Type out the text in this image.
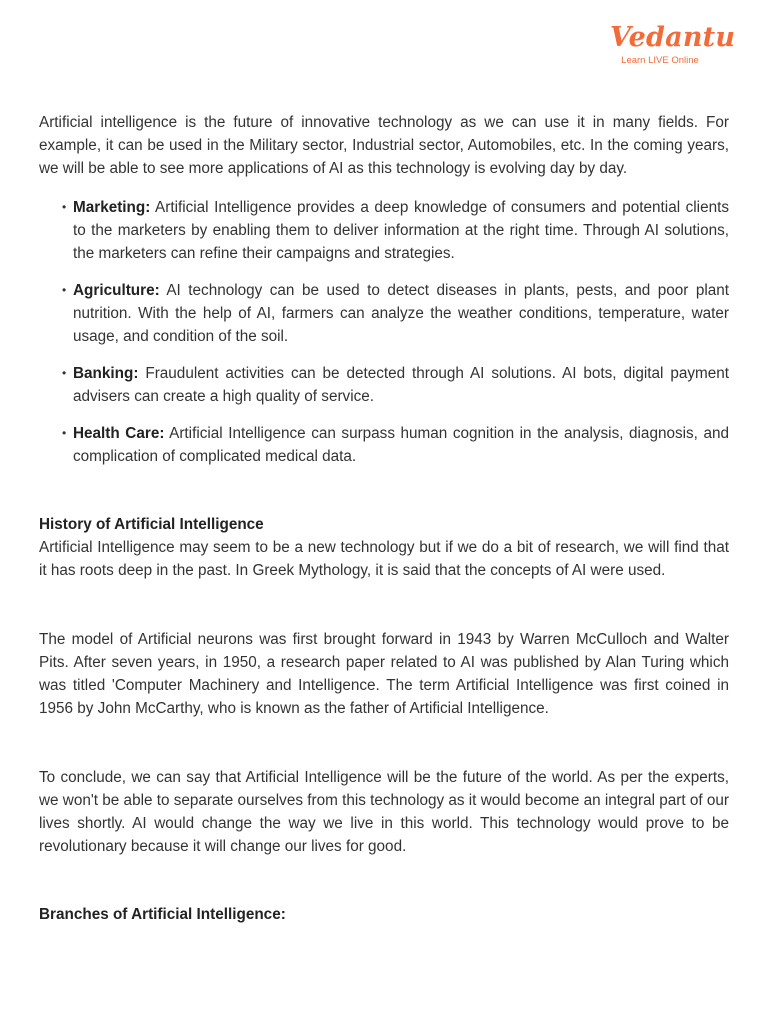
Vedantu
Learn LIVE Online

Artificial intelligence is the future of innovative technology as we can use it in many fields. For example, it can be used in the Military sector, Industrial sector, Automobiles, etc. In the coming years, we will be able to see more applications of AI as this technology is evolving day by day.

• Marketing: Artificial Intelligence provides a deep knowledge of consumers and potential clients to the marketers by enabling them to deliver information at the right time. Through AI solutions, the marketers can refine their campaigns and strategies.
• Agriculture: AI technology can be used to detect diseases in plants, pests, and poor plant nutrition. With the help of AI, farmers can analyze the weather conditions, temperature, water usage, and condition of the soil.
• Banking: Fraudulent activities can be detected through AI solutions. AI bots, digital payment advisers can create a high quality of service.
• Health Care: Artificial Intelligence can surpass human cognition in the analysis, diagnosis, and complication of complicated medical data.

History of Artificial Intelligence

Artificial Intelligence may seem to be a new technology but if we do a bit of research, we will find that it has roots deep in the past. In Greek Mythology, it is said that the concepts of AI were used.

The model of Artificial neurons was first brought forward in 1943 by Warren McCulloch and Walter Pits. After seven years, in 1950, a research paper related to AI was published by Alan Turing which was titled 'Computer Machinery and Intelligence. The term Artificial Intelligence was first coined in 1956 by John McCarthy, who is known as the father of Artificial Intelligence.

To conclude, we can say that Artificial Intelligence will be the future of the world. As per the experts, we won't be able to separate ourselves from this technology as it would become an integral part of our lives shortly. AI would change the way we live in this world. This technology would prove to be revolutionary because it will change our lives for good.

Branches of Artificial Intelligence:
